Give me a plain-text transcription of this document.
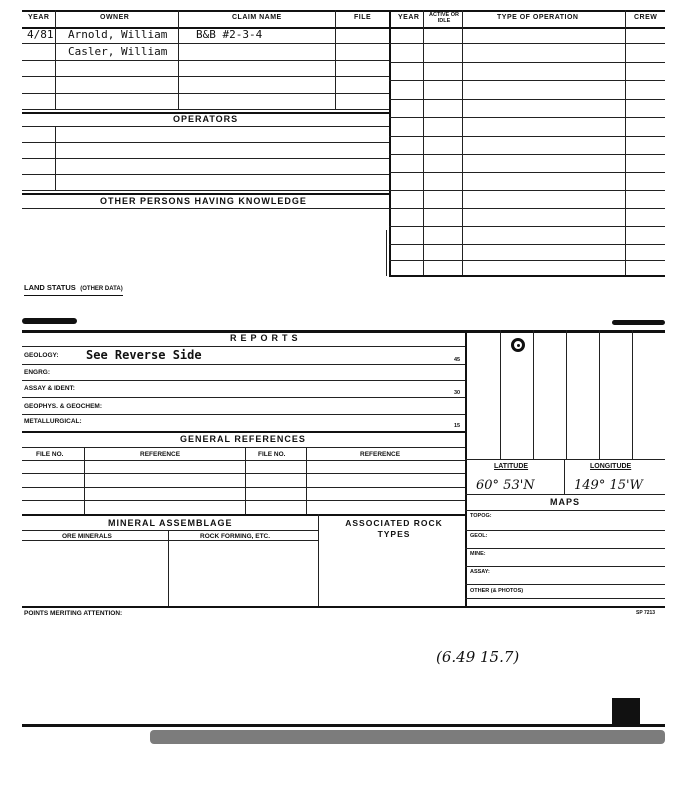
YEAR	OWNER	CLAIM NAME	FILE	YEAR ACTIVE OR IDLE	TYPE OF OPERATION	CREW
4/81 Arnold, William	B&B #2-3-4
Casler, William
OPERATORS
OTHER PERSONS HAVING KNOWLEDGE
LAND STATUS (OTHER DATA)
REPORTS
GEOLOGY: See Reverse Side	45
ENGRG:
ASSAY & IDENT:
30
GEOPHYS. & GEOCHEM:
METALLURGICAL:
15
GENERAL REFERENCES
FILE NO.	REFERENCE	FILE NO.	REFERENCE
MINERAL ASSEMBLAGE	ASSOCIATED ROCK TYPES
ORE MINERALS	ROCK FORMING, ETC.
LATITUDE	LONGITUDE
60° 53'N	149° 15'W
MAPS
TOPOG:
GEOL:
MINE:
ASSAY:
OTHER (& PHOTOS)
POINTS MERITING ATTENTION:	SP 7213
(6.49 15.7)
